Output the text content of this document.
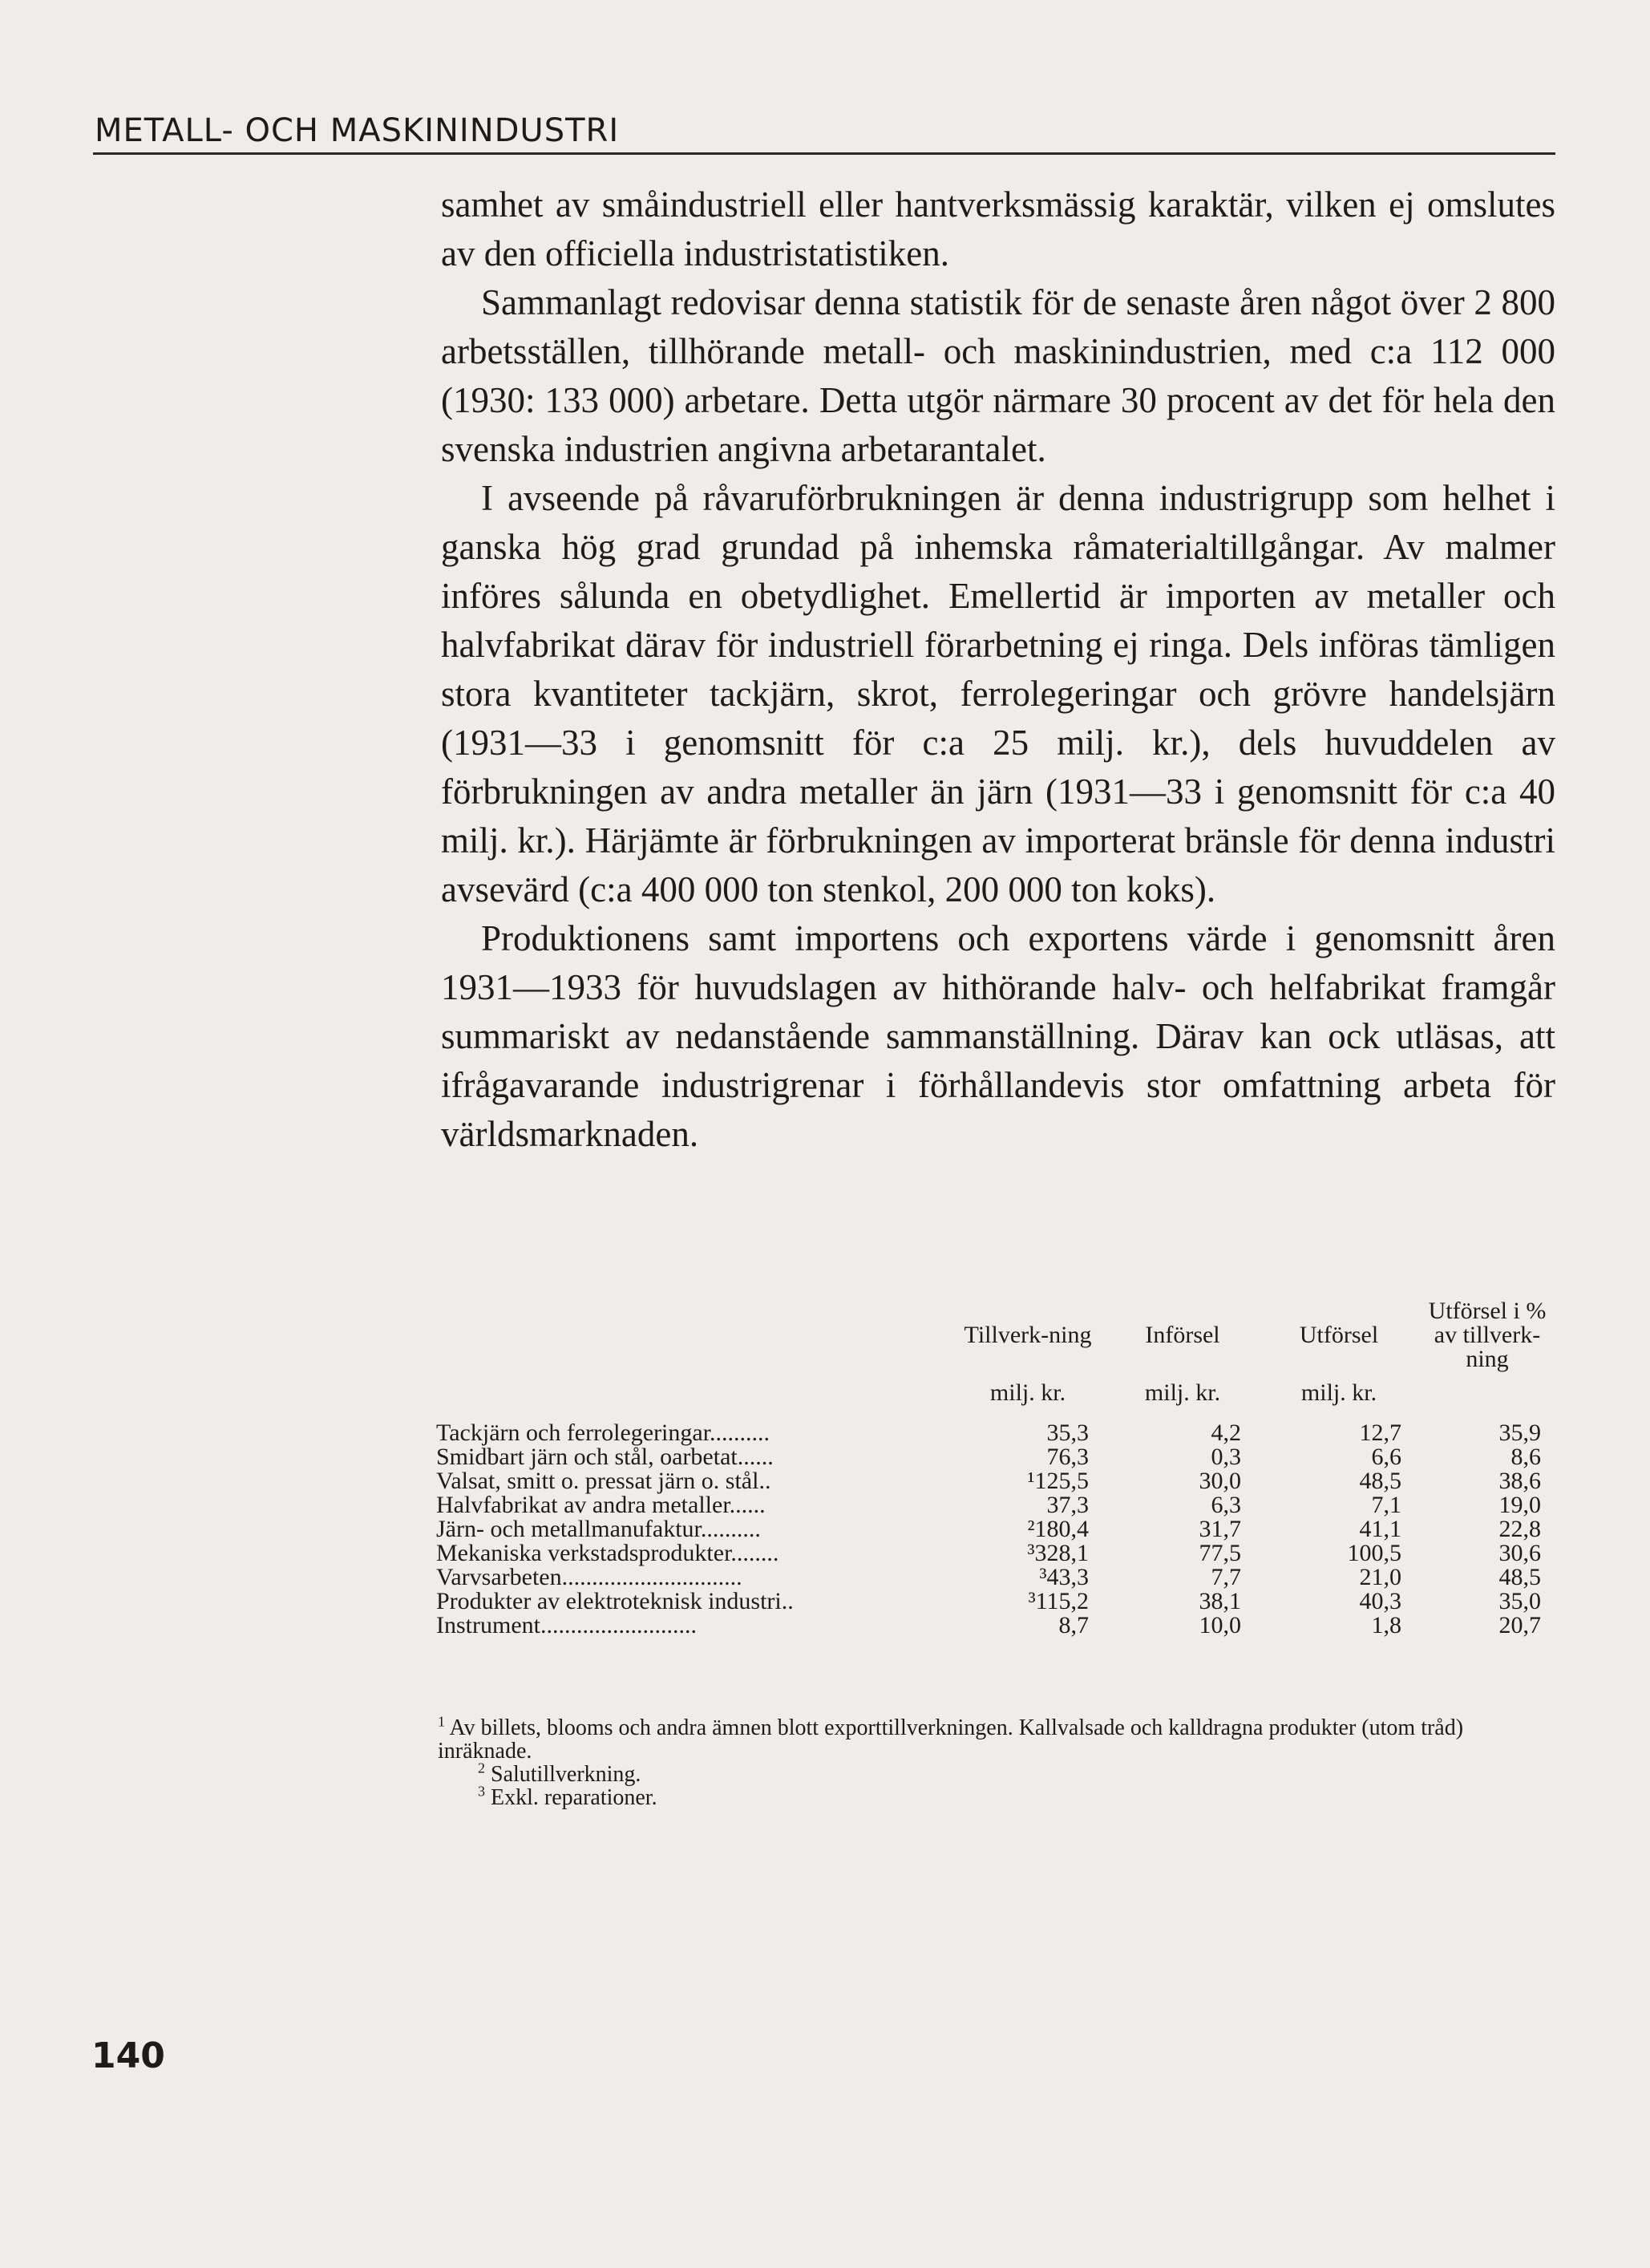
METALL- OCH MASKININDUSTRI

samhet av småindustriell eller hantverksmässig karaktär, vilken ej omslutes av den officiella industristatistiken.

Sammanlagt redovisar denna statistik för de senaste åren något över 2 800 arbetsställen, tillhörande metall- och maskinindustrien, med c:a 112 000 (1930: 133 000) arbetare. Detta utgör närmare 30 procent av det för hela den svenska industrien angivna arbetarantalet.

I avseende på råvaruförbrukningen är denna industrigrupp som helhet i ganska hög grad grundad på inhemska råmaterialtillgångar. Av malmer införes sålunda en obetydlighet. Emellertid är importen av metaller och halvfabrikat därav för industriell förarbetning ej ringa. Dels införas tämligen stora kvantiteter tackjärn, skrot, ferrolegeringar och grövre handelsjärn (1931—33 i genomsnitt för c:a 25 milj. kr.), dels huvuddelen av förbrukningen av andra metaller än järn (1931—33 i genomsnitt för c:a 40 milj. kr.). Härjämte är förbrukningen av importerat bränsle för denna industri avsevärd (c:a 400 000 ton stenkol, 200 000 ton koks).

Produktionens samt importens och exportens värde i genomsnitt åren 1931—1933 för huvudslagen av hithörande halv- och helfabrikat framgår summariskt av nedanstående sammanställning. Därav kan ock utläsas, att ifrågavarande industrigrenar i förhållandevis stor omfattning arbeta för världsmarknaden.

	Tillverk-ning	Införsel	Utförsel	Utförsel i % av tillverk-ning
	milj. kr.	milj. kr.	milj. kr.	
Tackjärn och ferrolegeringar..........	35,3	4,2	12,7	35,9
Smidbart järn och stål, oarbetat......	76,3	0,3	6,6	8,6
Valsat, smitt o. pressat järn o. stål..	¹125,5	30,0	48,5	38,6
Halvfabrikat av andra metaller......	37,3	6,3	7,1	19,0
Järn- och metallmanufaktur..........	²180,4	31,7	41,1	22,8
Mekaniska verkstadsprodukter........	³328,1	77,5	100,5	30,6
Varvsarbeten..............................	³43,3	7,7	21,0	48,5
Produkter av elektroteknisk industri..	³115,2	38,1	40,3	35,0
Instrument..........................	8,7	10,0	1,8	20,7

$^1$ Av billets, blooms och andra ämnen blott exporttillverkningen. Kallvalsade och kalldragna produkter (utom tråd) inräknade.

$^2$ Salutillverkning.

$^3$ Exkl. reparationer.

140
